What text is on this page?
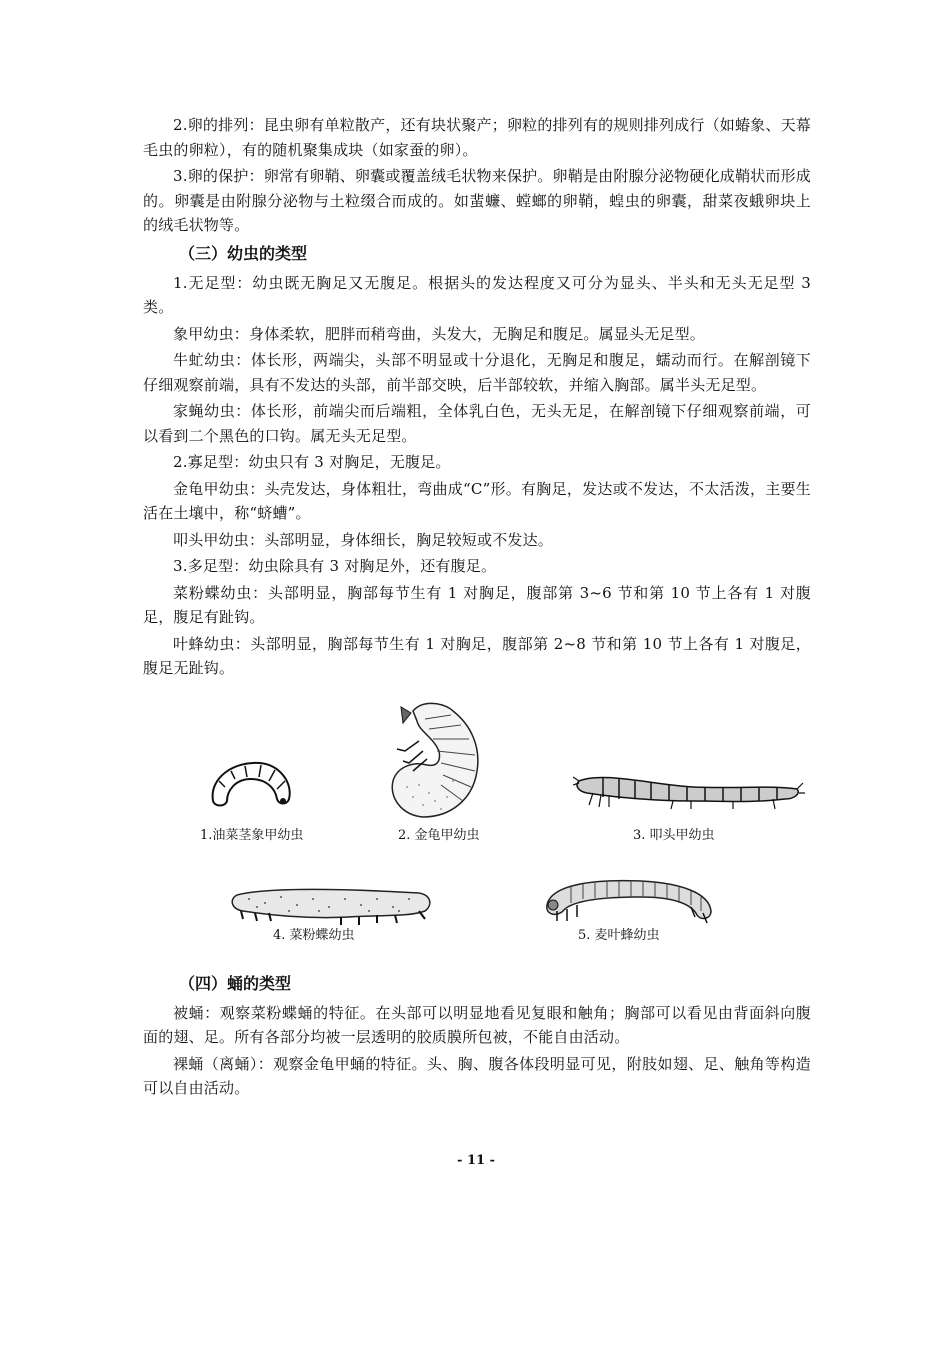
2.卵的排列：昆虫卵有单粒散产，还有块状聚产；卵粒的排列有的规则排列成行（如蝽象、天幕毛虫的卵粒），有的随机聚集成块（如家蚕的卵）。

3.卵的保护：卵常有卵鞘、卵囊或覆盖绒毛状物来保护。卵鞘是由附腺分泌物硬化成鞘状而形成的。卵囊是由附腺分泌物与土粒缀合而成的。如蜚蠊、螳螂的卵鞘，蝗虫的卵囊，甜菜夜蛾卵块上的绒毛状物等。

（三）幼虫的类型

1.无足型：幼虫既无胸足又无腹足。根据头的发达程度又可分为显头、半头和无头无足型 3 类。

象甲幼虫：身体柔软，肥胖而稍弯曲，头发大，无胸足和腹足。属显头无足型。

牛虻幼虫：体长形，两端尖，头部不明显或十分退化，无胸足和腹足，蠕动而行。在解剖镜下仔细观察前端，具有不发达的头部，前半部交映，后半部较软，并缩入胸部。属半头无足型。

家蝇幼虫：体长形，前端尖而后端粗，全体乳白色，无头无足，在解剖镜下仔细观察前端，可以看到二个黑色的口钩。属无头无足型。

2.寡足型：幼虫只有 3 对胸足，无腹足。

金龟甲幼虫：头壳发达，身体粗壮，弯曲成“C”形。有胸足，发达或不发达，不太活泼，主要生活在土壤中，称“蛴螬”。

叩头甲幼虫：头部明显，身体细长，胸足较短或不发达。

3.多足型：幼虫除具有 3 对胸足外，还有腹足。

菜粉蝶幼虫：头部明显，胸部每节生有 1 对胸足，腹部第 3~6 节和第 10 节上各有 1 对腹足，腹足有趾钩。

叶蜂幼虫：头部明显，胸部每节生有 1 对胸足，腹部第 2~8 节和第 10 节上各有 1 对腹足，腹足无趾钩。

1.油菜茎象甲幼虫	2. 金龟甲幼虫	3. 叩头甲幼虫
4. 菜粉蝶幼虫	5. 麦叶蜂幼虫
（四）蛹的类型

被蛹：观察菜粉蝶蛹的特征。在头部可以明显地看见复眼和触角；胸部可以看见由背面斜向腹面的翅、足。所有各部分均被一层透明的胶质膜所包被，不能自由活动。

裸蛹（离蛹）：观察金龟甲蛹的特征。头、胸、腹各体段明显可见，附肢如翅、足、触角等构造可以自由活动。

- 11 -
